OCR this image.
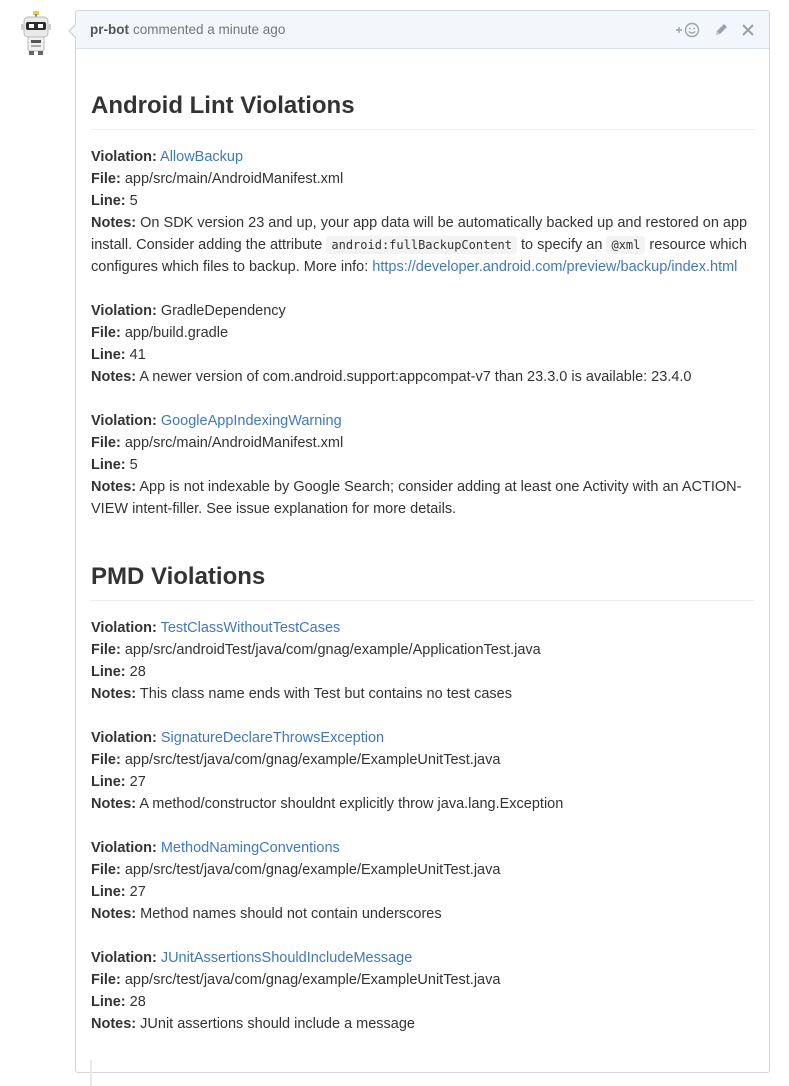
pr-bot commented a minute ago
Android Lint Violations
Violation: AllowBackup
File: app/src/main/AndroidManifest.xml
Line: 5
Notes: On SDK version 23 and up, your app data will be automatically backed up and restored on app install. Consider adding the attribute android:fullBackupContent to specify an @xml resource which configures which files to backup. More info: https://developer.android.com/preview/backup/index.html
Violation: GradleDependency
File: app/build.gradle
Line: 41
Notes: A newer version of com.android.support:appcompat-v7 than 23.3.0 is available: 23.4.0
Violation: GoogleAppIndexingWarning
File: app/src/main/AndroidManifest.xml
Line: 5
Notes: App is not indexable by Google Search; consider adding at least one Activity with an ACTION-VIEW intent-filler. See issue explanation for more details.
PMD Violations
Violation: TestClassWithoutTestCases
File: app/src/androidTest/java/com/gnag/example/ApplicationTest.java
Line: 28
Notes: This class name ends with Test but contains no test cases
Violation: SignatureDeclareThrowsException
File: app/src/test/java/com/gnag/example/ExampleUnitTest.java
Line: 27
Notes: A method/constructor shouldnt explicitly throw java.lang.Exception
Violation: MethodNamingConventions
File: app/src/test/java/com/gnag/example/ExampleUnitTest.java
Line: 27
Notes: Method names should not contain underscores
Violation: JUnitAssertionsShouldIncludeMessage
File: app/src/test/java/com/gnag/example/ExampleUnitTest.java
Line: 28
Notes: JUnit assertions should include a message
